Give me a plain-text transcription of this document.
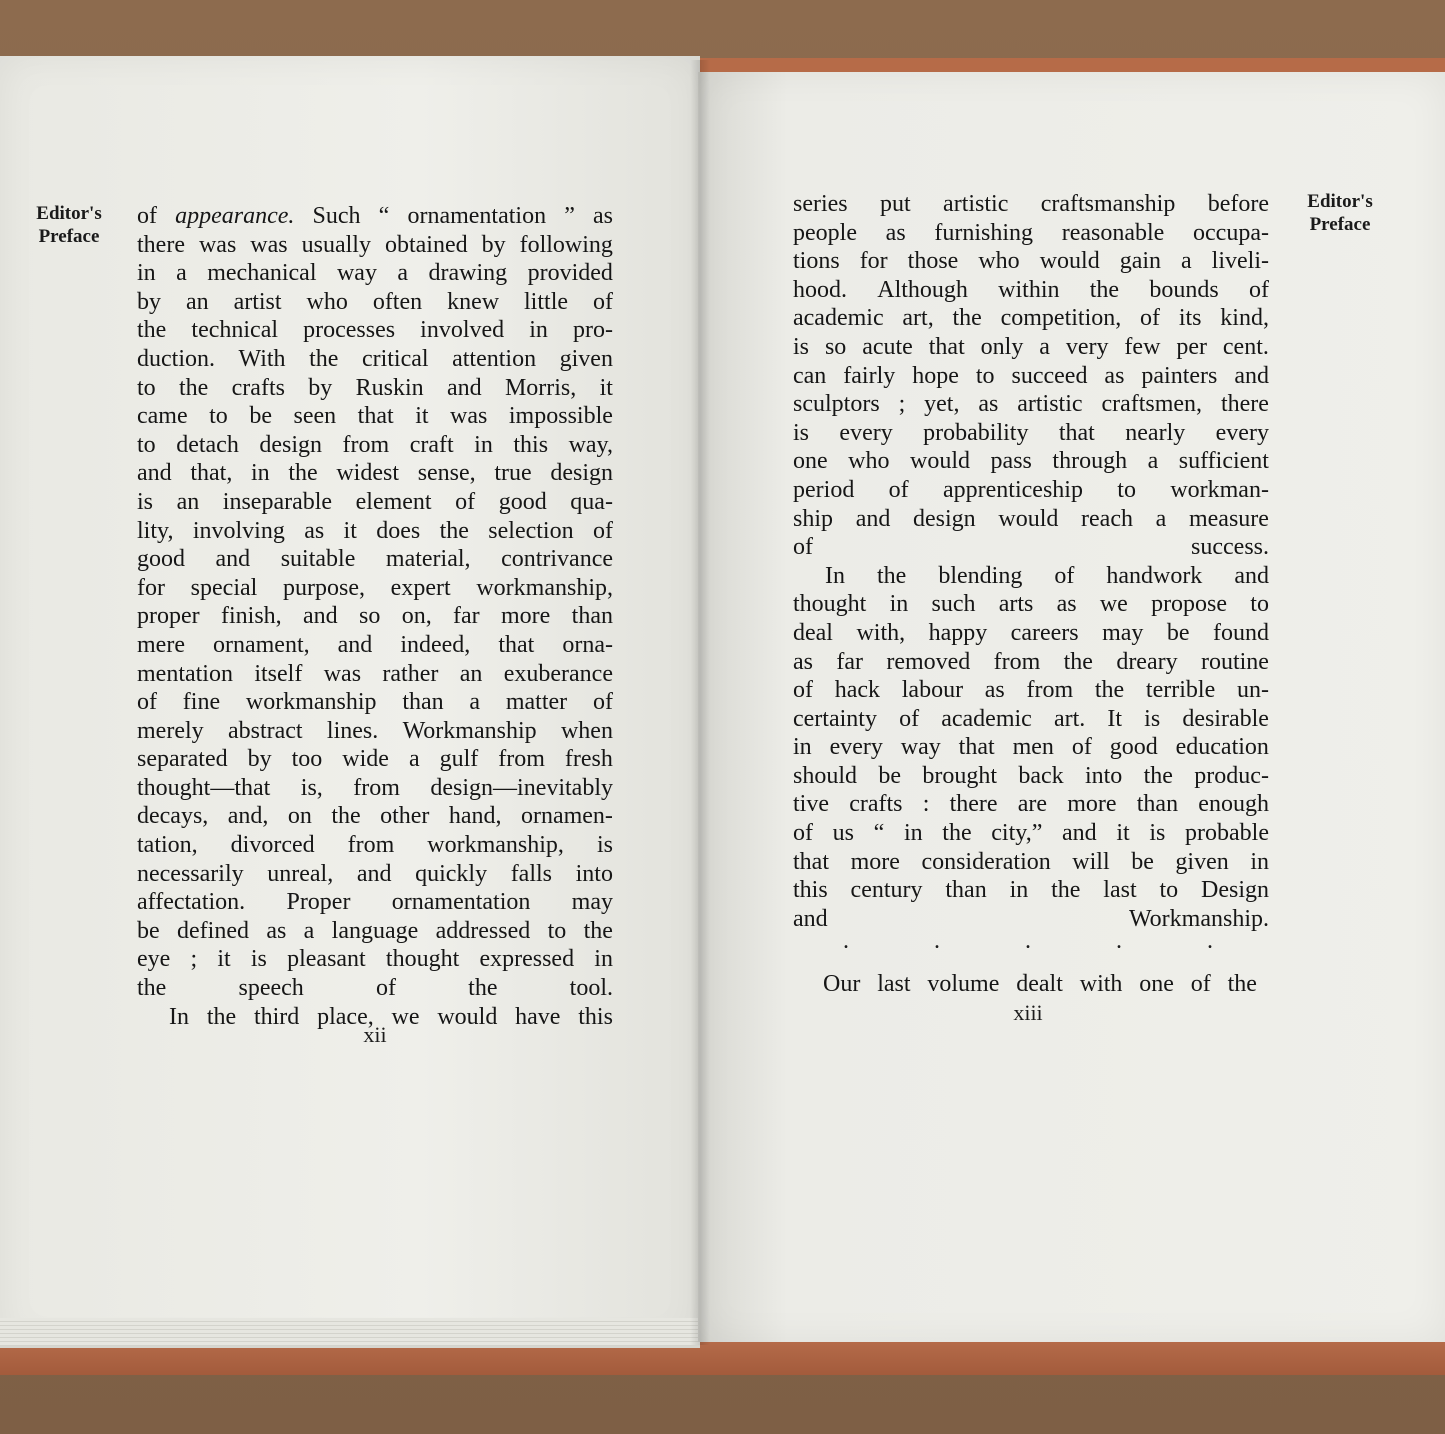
Editor's
Preface
of appearance. Such “ ornamentation ” as
there was was usually obtained by following
in a mechanical way a drawing provided
by an artist who often knew little of
the technical processes involved in pro-
duction. With the critical attention given
to the crafts by Ruskin and Morris, it
came to be seen that it was impossible
to detach design from craft in this way,
and that, in the widest sense, true design
is an inseparable element of good qua-
lity, involving as it does the selection of
good and suitable material, contrivance
for special purpose, expert workmanship,
proper finish, and so on, far more than
mere ornament, and indeed, that orna-
mentation itself was rather an exuberance
of fine workmanship than a matter of
merely abstract lines. Workmanship when
separated by too wide a gulf from fresh
thought—that is, from design—inevitably
decays, and, on the other hand, ornamen-
tation, divorced from workmanship, is
necessarily unreal, and quickly falls into
affectation. Proper ornamentation may
be defined as a language addressed to the
eye ; it is pleasant thought expressed in
the speech of the tool.
In the third place, we would have this
xii
Editor's
Preface
series put artistic craftsmanship before
people as furnishing reasonable occupa-
tions for those who would gain a liveli-
hood. Although within the bounds of
academic art, the competition, of its kind,
is so acute that only a very few per cent.
can fairly hope to succeed as painters and
sculptors ; yet, as artistic craftsmen, there
is every probability that nearly every
one who would pass through a sufficient
period of apprenticeship to workman-
ship and design would reach a measure
of success.
In the blending of handwork and
thought in such arts as we propose to
deal with, happy careers may be found
as far removed from the dreary routine
of hack labour as from the terrible un-
certainty of academic art. It is desirable
in every way that men of good education
should be brought back into the produc-
tive crafts : there are more than enough
of us “ in the city,” and it is probable
that more consideration will be given in
this century than in the last to Design
and Workmanship.
.	.	.	.	.
Our last volume dealt with one of the
xiii
